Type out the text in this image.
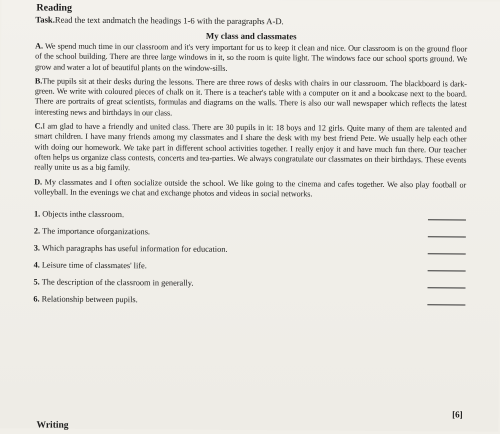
Reading
Task.Read the text andmatch the headings 1-6 with the paragraphs A-D.
My class and classmates

A. We spend much time in our classroom and it's very important for us to keep it clean and nice. Our classroom is on the ground floor of the school building. There are three large windows in it, so the room is quite light. The windows face our school sports ground. We grow and water a lot of beautiful plants on the window-sills.

B.The pupils sit at their desks during the lessons. There are three rows of desks with chairs in our classroom. The blackboard is dark-green. We write with coloured pieces of chalk on it. There is a teacher's table with a computer on it and a bookcase next to the board. There are portraits of great scientists, formulas and diagrams on the walls. There is also our wall newspaper which reflects the latest interesting news and birthdays in our class.

C.I am glad to have a friendly and united class. There are 30 pupils in it: 18 boys and 12 girls. Quite many of them are talented and smart children. I have many friends among my classmates and I share the desk with my best friend Pete. We usually help each other with doing our homework. We take part in different school activities together. I really enjoy it and have much fun there. Our teacher often helps us organize class contests, concerts and tea-parties. We always congratulate our classmates on their birthdays. These events really unite us as a big family.

D. My classmates and I often socialize outside the school. We like going to the cinema and cafes together. We also play football or volleyball. In the evenings we chat and exchange photos and videos in social networks.

1. Objects inthe classroom.
2. The importance oforganizations.
3. Which paragraphs has useful information for education.
4. Leisure time of classmates' life.
5. The description of the classroom in generally.
6. Relationship between pupils.
[6]
Writing
